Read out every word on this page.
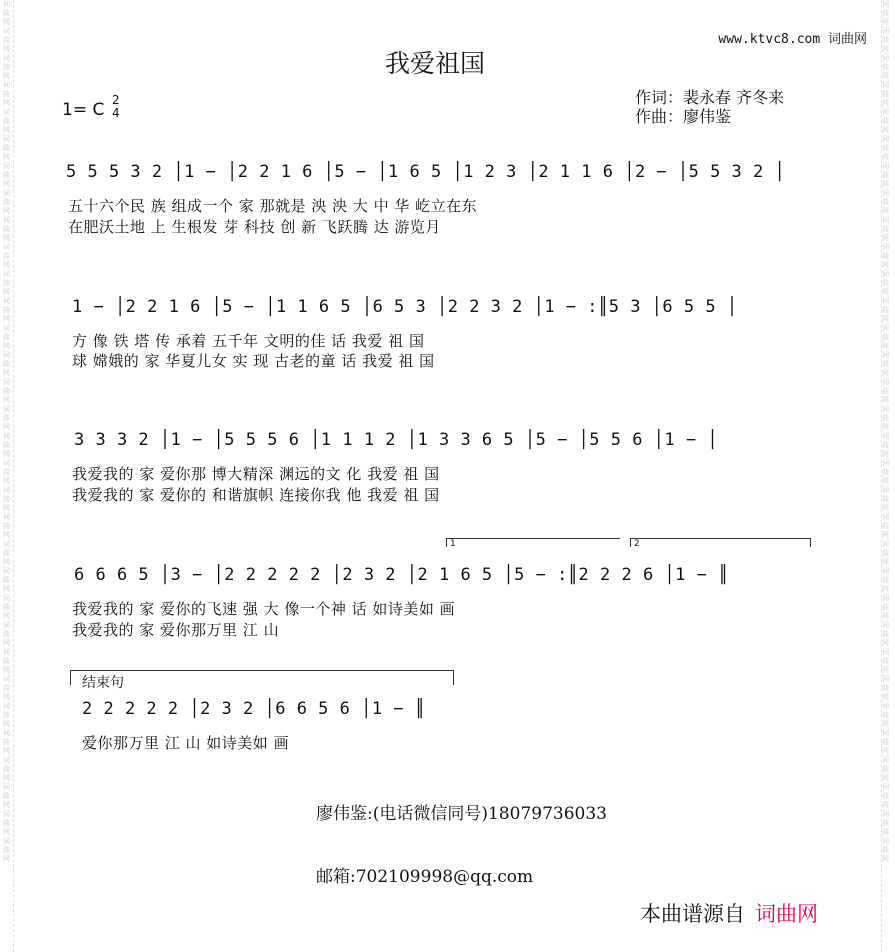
词曲网 词曲网 词曲网 词曲网 词曲网 词曲网 词曲网 词曲网 词曲网 词曲网 词曲网 词曲网 词曲网 词曲网 词曲网 词曲网 词曲网 词曲网 词曲网 词曲网 词曲网 词曲网 词曲网 词曲网 词曲网 词曲网 词曲网 词曲网 词曲网 词曲网 词曲网 词曲网
词曲网 词曲网 词曲网 词曲网 词曲网 词曲网 词曲网 词曲网 词曲网 词曲网 词曲网 词曲网 词曲网 词曲网 词曲网 词曲网 词曲网 词曲网 词曲网 词曲网 词曲网 词曲网 词曲网 词曲网 词曲网 词曲网 词曲网 词曲网 词曲网 词曲网 词曲网 词曲网
www.ktvc8.com 词曲网
我爱祖国
1= C 2
4
作词：裴永春 齐冬来
作曲：廖伟鉴
5 5 5 3 2 │1 − │2 2 1 6 │5 − │1 6 5 │1 2 3 │2 1 1 6 │2 − │5 5 3 2 │
五十六个民 族 组成一个 家 那就是 泱 泱 大 中 华 屹立在东
在肥沃土地 上 生根发 芽 科技 创 新 飞跃腾 达 游览月
1 − │2 2 1 6 │5 − │1 1 6 5 │6 5 3 │2 2 3 2 │1 − :║5 3 │6 5 5 │
方 像 铁 塔 传 承着 五千年 文明的佳 话 我爱 祖 国
球 嫦娥的 家 华夏儿女 实 现 古老的童 话 我爱 祖 国
3 3 3 2 │1 − │5 5 5 6 │1 1 1 2 │1 3 3 6 5 │5 − │5 5 6 │1 − │
我爱我的 家 爱你那 博大精深 渊远的文 化 我爱 祖 国
我爱我的 家 爱你的 和谐旗帜 连接你我 他 我爱 祖 国
1	2
6 6 6 5 │3 − │2 2 2 2 2 │2 3 2 │2 1 6 5 │5 − :║2 2 2 6 │1 − ║
我爱我的 家 爱你的飞速 强 大 像一个神 话 如诗美如 画
我爱我的 家 爱你那万里 江 山
结束句
2 2 2 2 2 │2 3 2 │6 6 5 6 │1 − ║
爱你那万里 江 山 如诗美如 画
廖伟鉴:(电话微信同号)18079736033
邮箱:702109998@qq.com
本曲谱源自 词曲网
